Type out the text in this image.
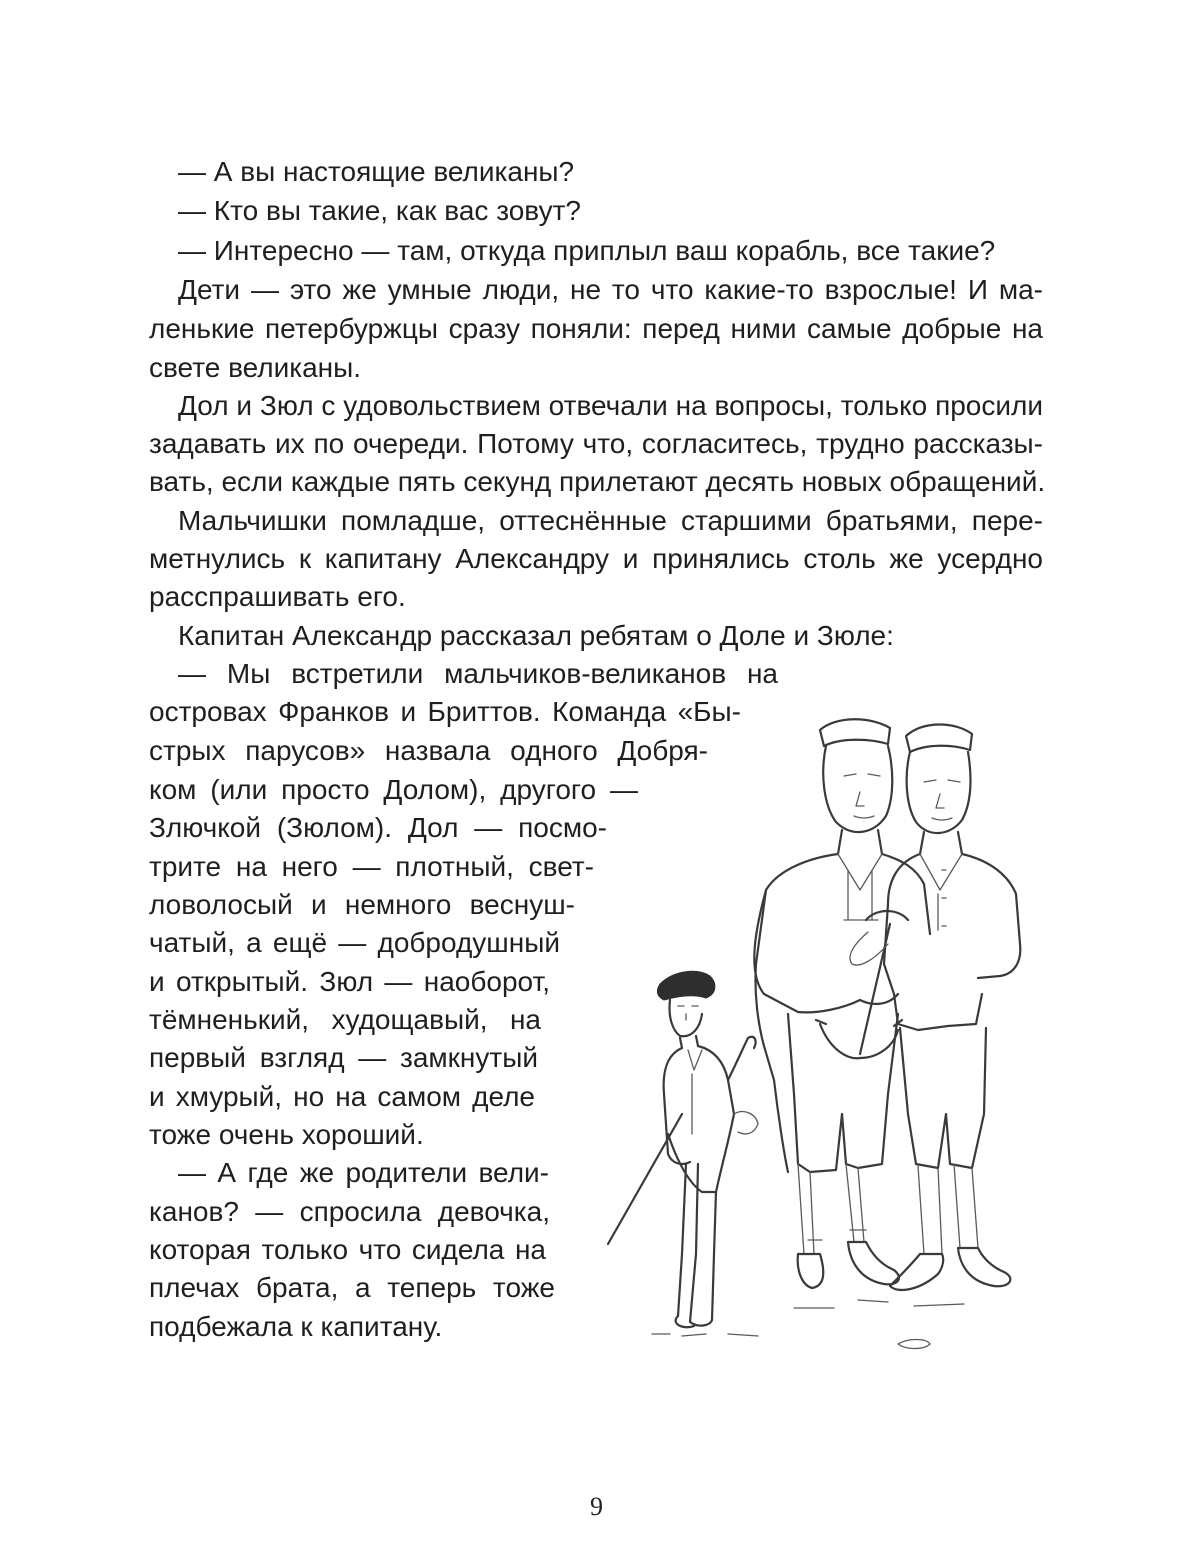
— А вы настоящие великаны?

— Кто вы такие, как вас зовут?

— Интересно — там, откуда приплыл ваш корабль, все такие?

Дети — это же умные люди, не то что какие-то взрослые! И ма-

ленькие петербуржцы сразу поняли: перед ними самые добрые на

свете великаны.

Дол и Зюл с удовольствием отвечали на вопросы, только просили

задавать их по очереди. Потому что, согласитесь, трудно рассказы-

вать, если каждые пять секунд прилетают десять новых обращений.

Мальчишки помладше, оттеснённые старшими братьями, пере-

метнулись к капитану Александру и принялись столь же усердно

расспрашивать его.

Капитан Александр рассказал ребятам о Доле и Зюле:

— Мы встретили мальчиков-великанов на

островах Франков и Бриттов. Команда «Бы-

стрых парусов» назвала одного Добря-

ком (или просто Долом), другого —

Злючкой (Зюлом). Дол — посмо-

трите на него — плотный, свет-

ловолосый и немного веснуш-

чатый, а ещё — добродушный

и открытый. Зюл — наоборот,

тёмненький, худощавый, на

первый взгляд — замкнутый

и хмурый, но на самом деле

тоже очень хороший.

— А где же родители вели-

канов? — спросила девочка,

которая только что сидела на

плечах брата, а теперь тоже

подбежала к капитану.

9
